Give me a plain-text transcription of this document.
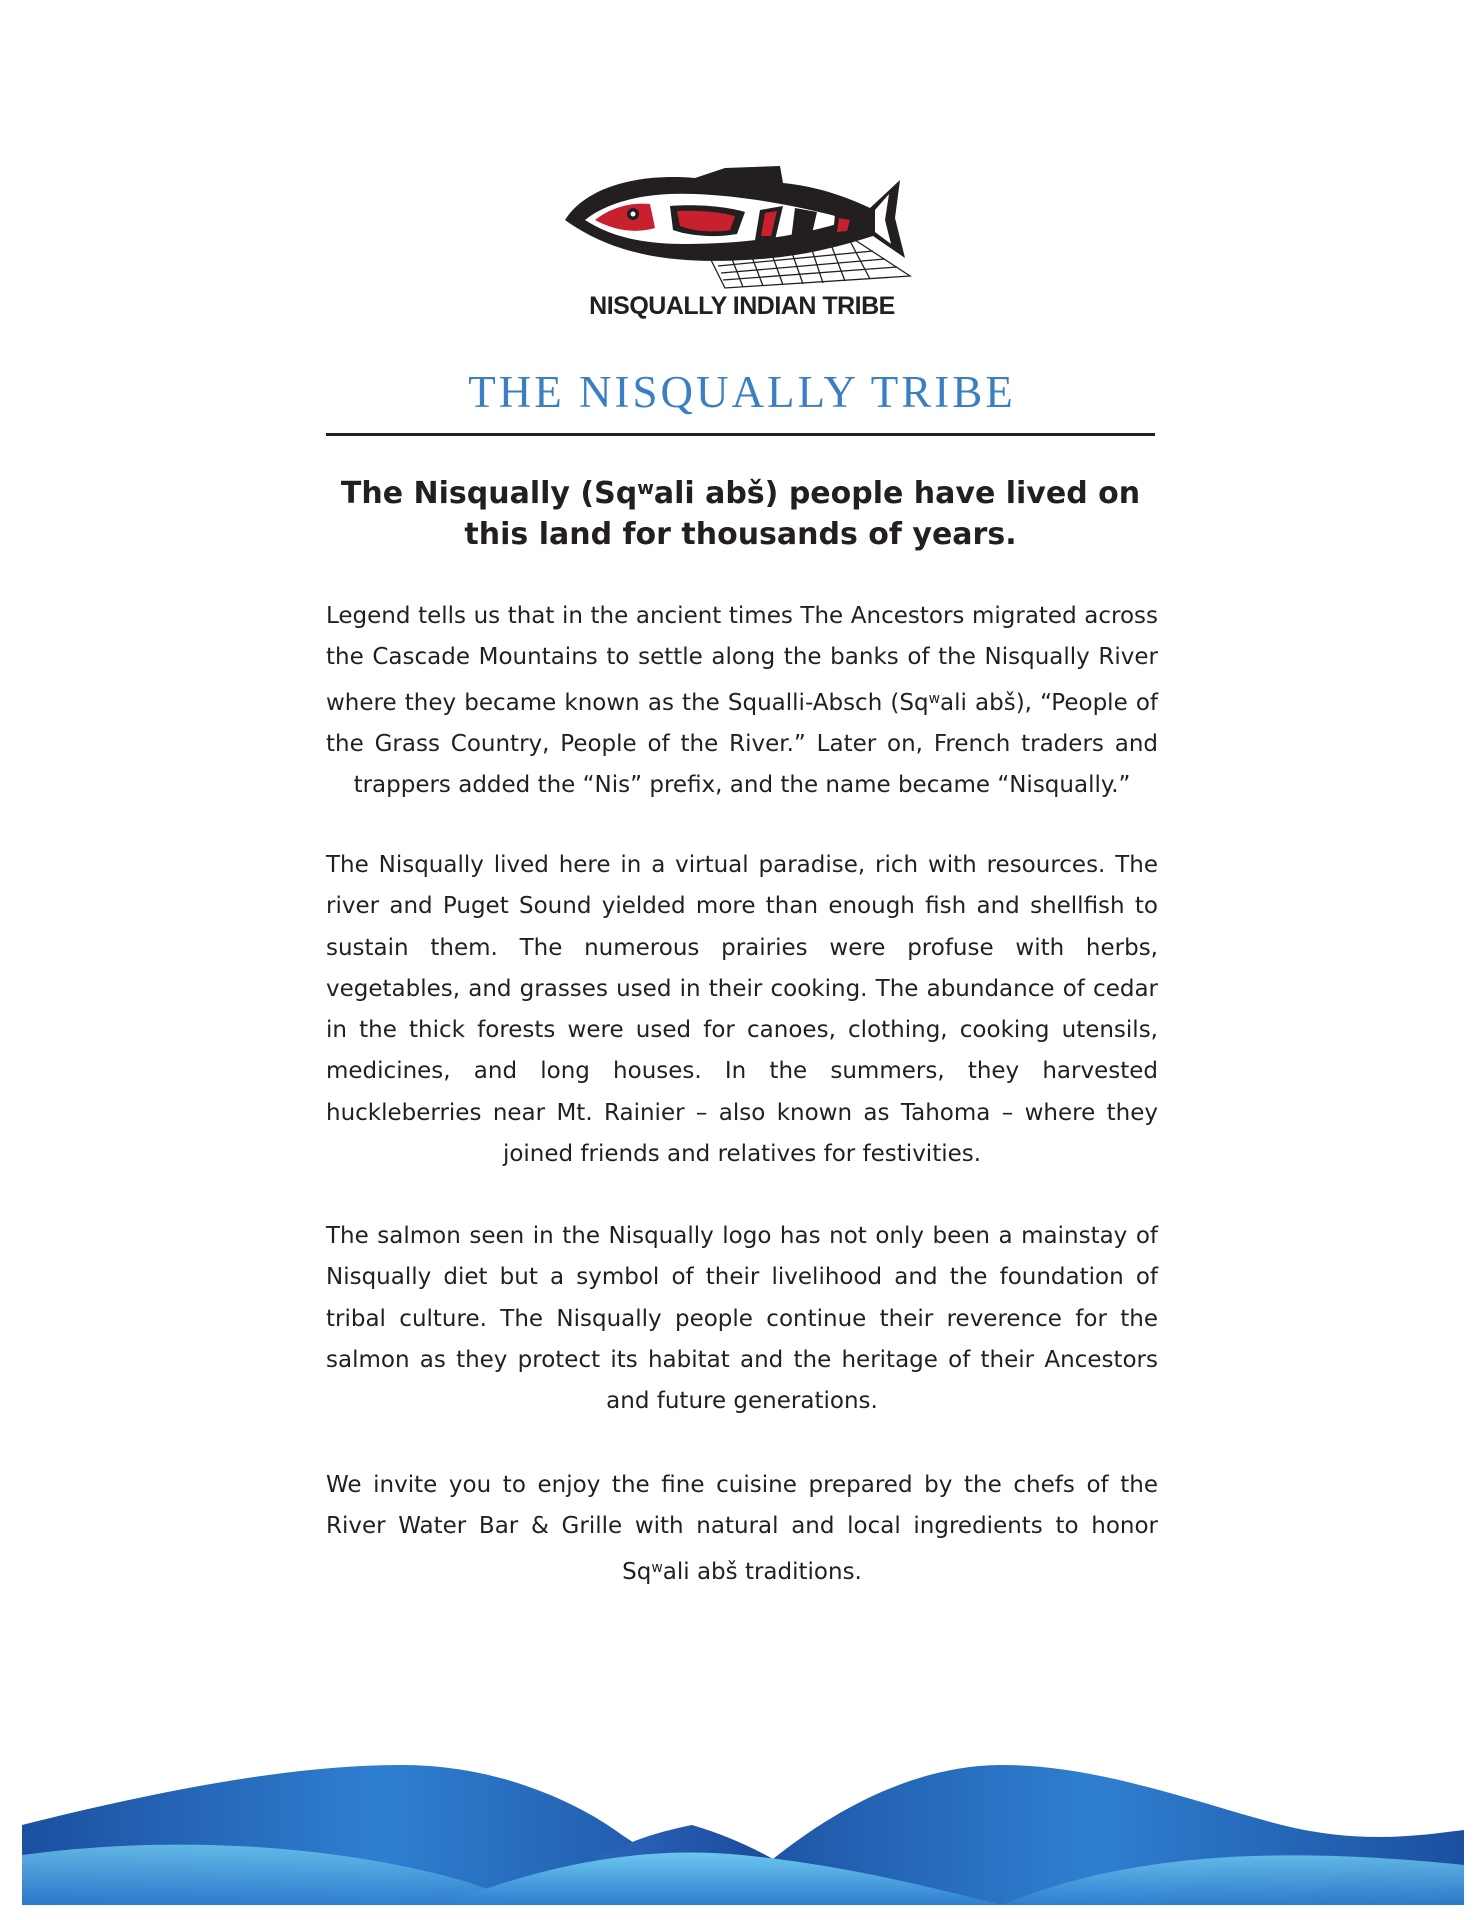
NISQUALLY INDIAN TRIBE
THE NISQUALLY TRIBE
The Nisqually (Sq$^w$ali abš) people have lived on this land for thousands of years.

Legend tells us that in the ancient times The Ancestors migrated across the Cascade Mountains to settle along the banks of the Nisqually River where they became known as the Squalli-Absch (Sq$^w$ali abš), “People of the Grass Country, People of the River.” Later on, French traders and trappers added the “Nis” prefix, and the name became “Nisqually.”

The Nisqually lived here in a virtual paradise, rich with resources. The river and Puget Sound yielded more than enough fish and shellfish to sustain them. The numerous prairies were profuse with herbs, vegetables, and grasses used in their cooking. The abundance of cedar in the thick forests were used for canoes, clothing, cooking utensils, medicines, and long houses. In the summers, they harvested huckleberries near Mt. Rainier – also known as Tahoma – where they joined friends and relatives for festivities.

The salmon seen in the Nisqually logo has not only been a mainstay of Nisqually diet but a symbol of their livelihood and the foundation of tribal culture. The Nisqually people continue their reverence for the salmon as they protect its habitat and the heritage of their Ancestors and future generations.

We invite you to enjoy the fine cuisine prepared by the chefs of the River Water Bar & Grille with natural and local ingredients to honor Sq$^w$ali abš traditions.
